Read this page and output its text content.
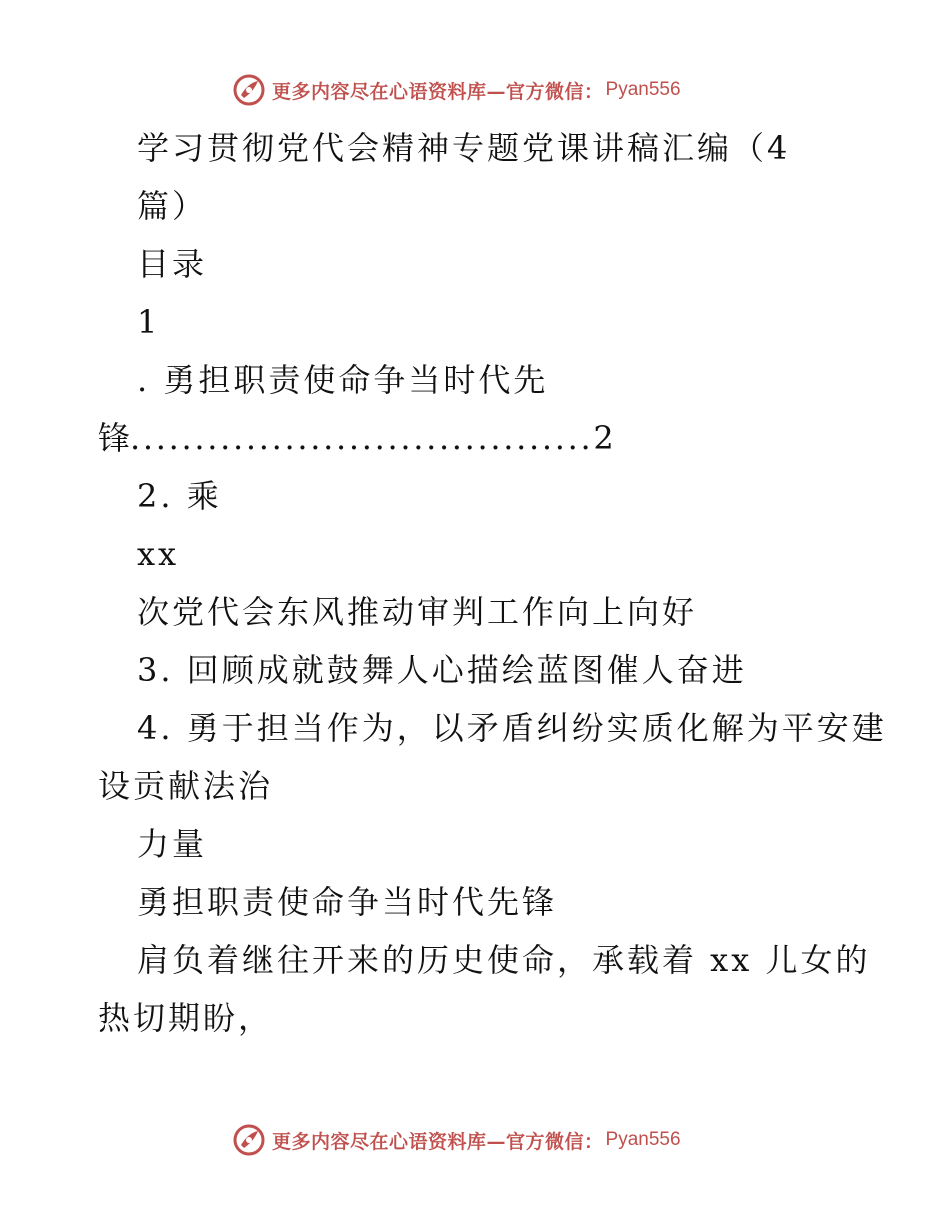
更多内容尽在心语资料库—官方微信： Pyan556

学习贯彻党代会精神专题党课讲稿汇编（4

篇）

目录

1

. 勇担职责使命争当时代先

锋....................................2

2. 乘

xx

次党代会东风推动审判工作向上向好

3. 回顾成就鼓舞人心描绘蓝图催人奋进

4. 勇于担当作为，以矛盾纠纷实质化解为平安建

设贡献法治

力量

勇担职责使命争当时代先锋

肩负着继往开来的历史使命，承载着 xx 儿女的

热切期盼，

更多内容尽在心语资料库—官方微信： Pyan556
